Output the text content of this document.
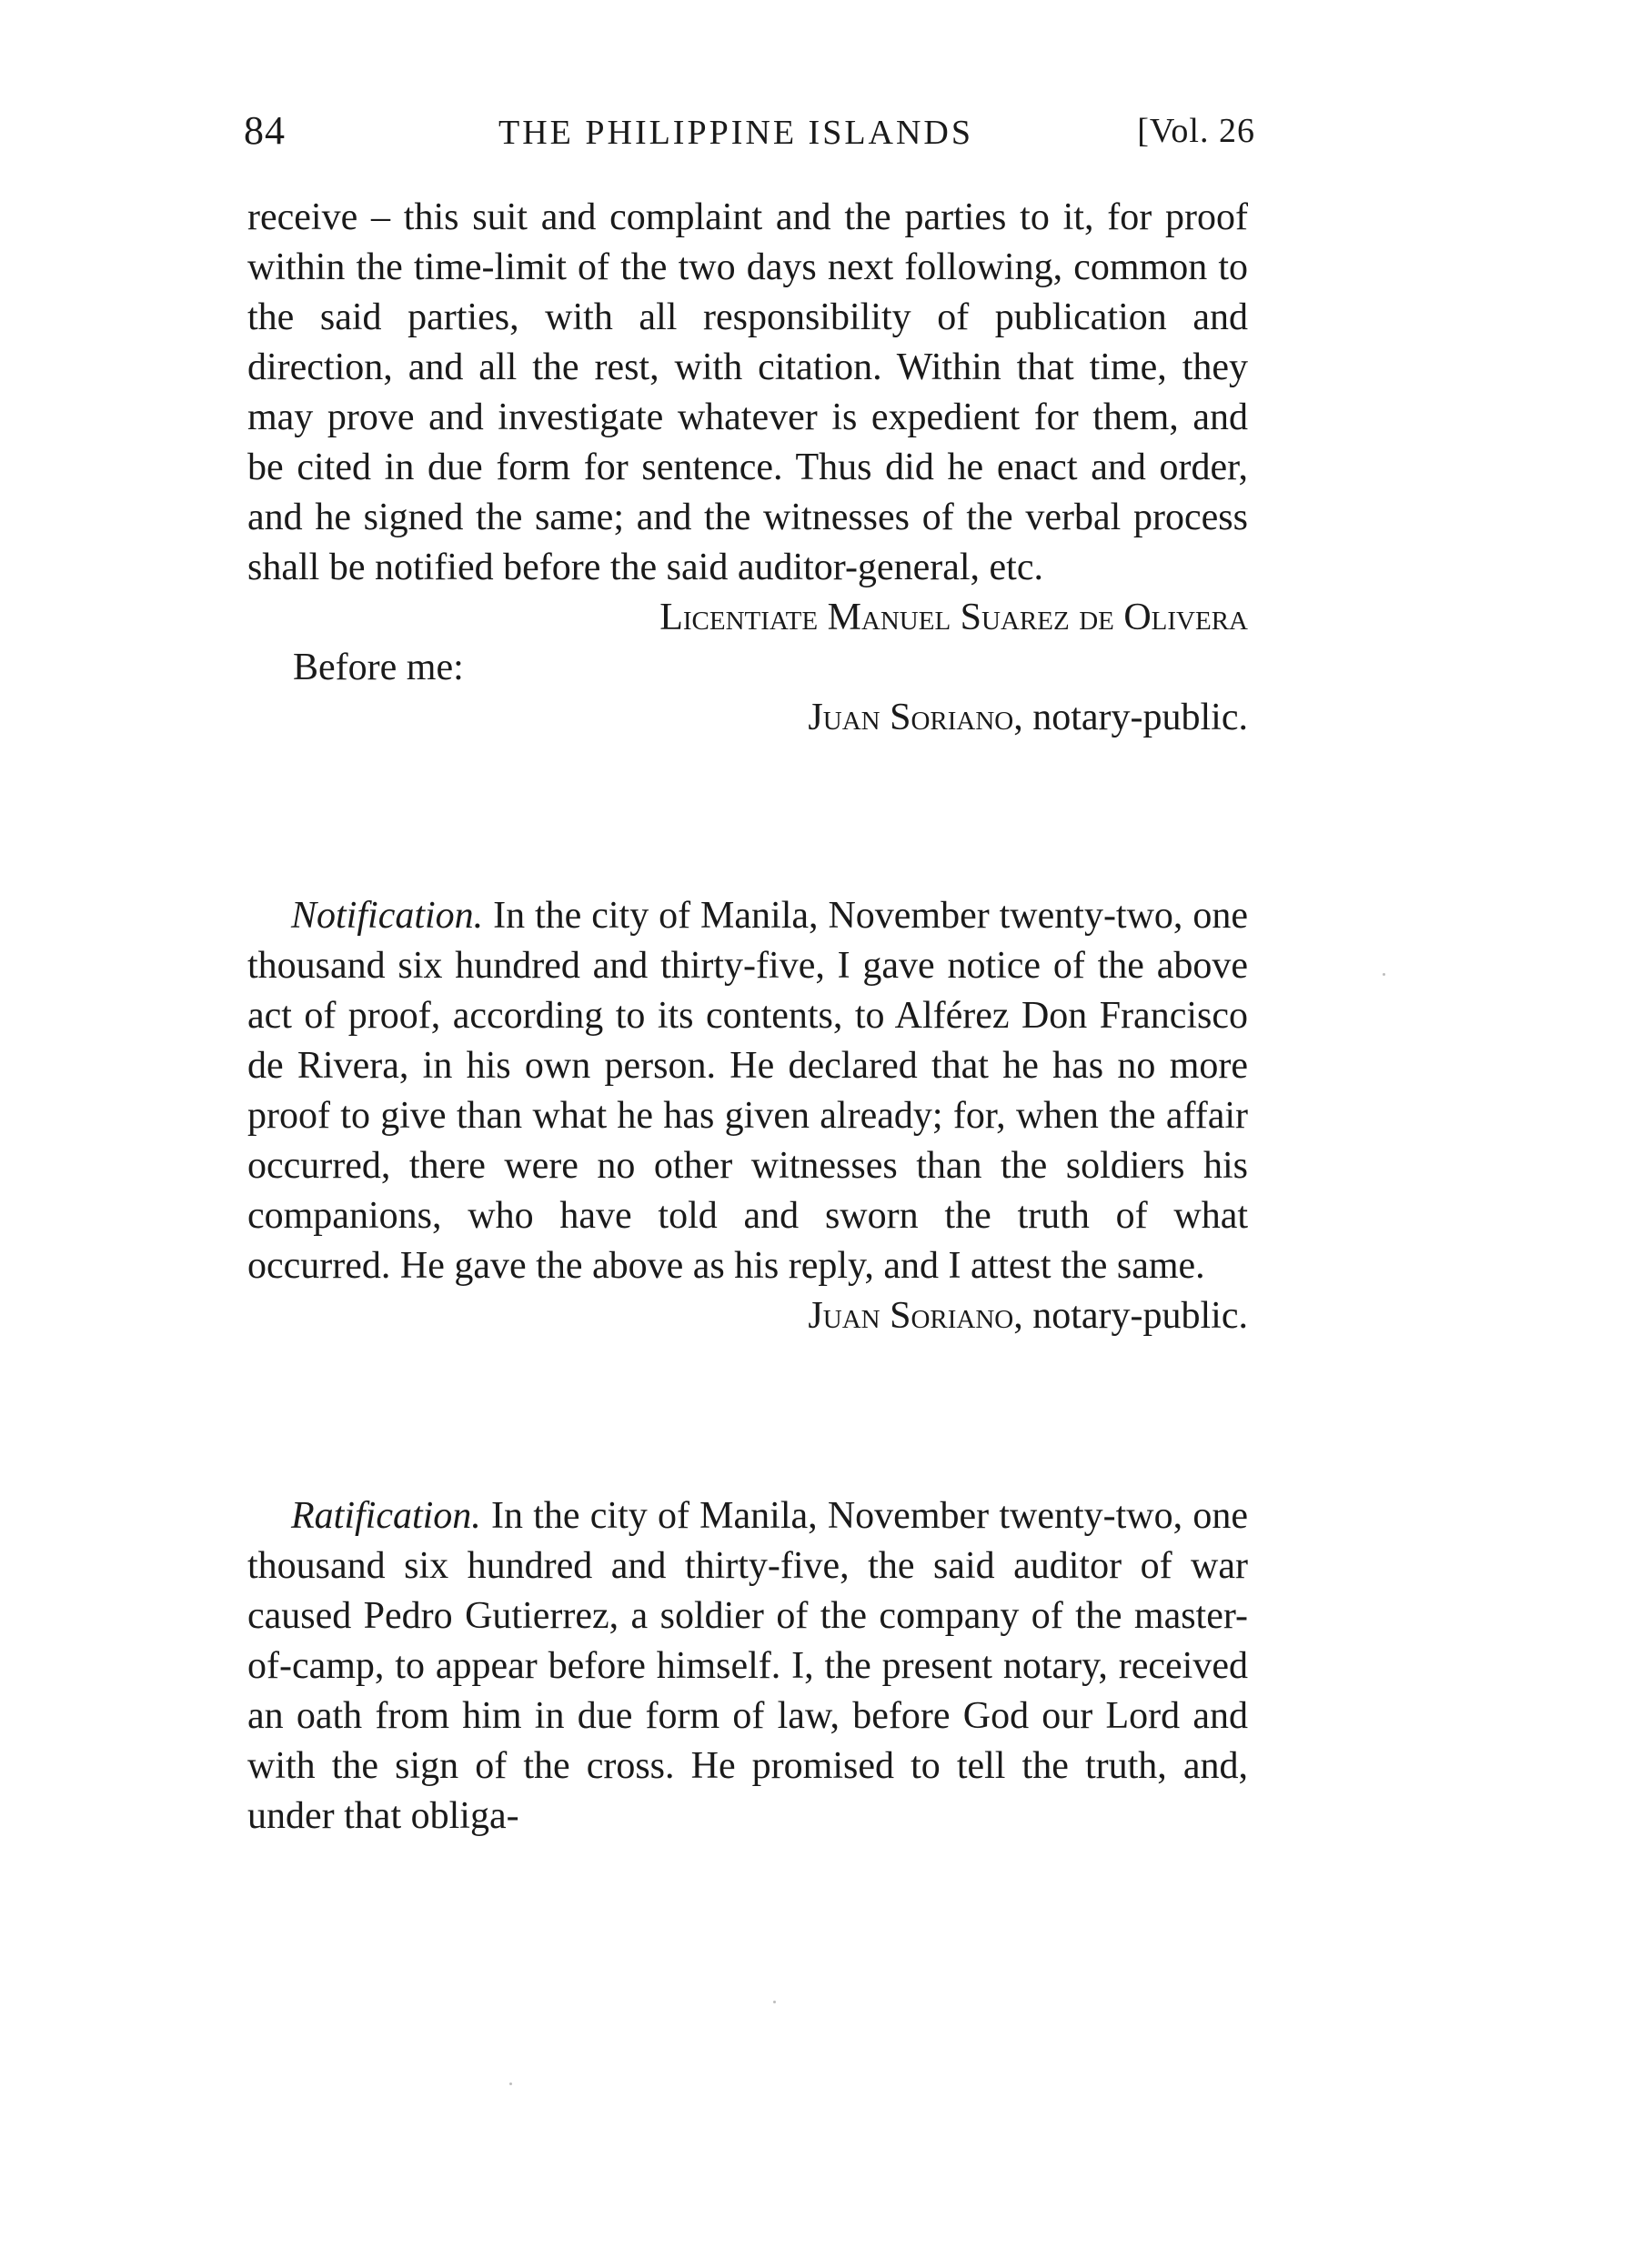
84	THE PHILIPPINE ISLANDS	[Vol. 26

receive – this suit and complaint and the parties to it, for proof within the time-limit of the two days next following, common to the said parties, with all responsibility of publication and direction, and all the rest, with citation. Within that time, they may prove and investigate whatever is expedient for them, and be cited in due form for sentence. Thus did he enact and order, and he signed the same; and the witnesses of the verbal process shall be notified before the said auditor-general, etc.

Licentiate Manuel Suarez de Olivera

Before me:

Juan Soriano, notary-public.

Notification. In the city of Manila, November twenty-two, one thousand six hundred and thirty-five, I gave notice of the above act of proof, according to its contents, to Alférez Don Francisco de Rivera, in his own person. He declared that he has no more proof to give than what he has given already; for, when the affair occurred, there were no other witnesses than the soldiers his companions, who have told and sworn the truth of what occurred. He gave the above as his reply, and I attest the same.

Juan Soriano, notary-public.

Ratification. In the city of Manila, November twenty-two, one thousand six hundred and thirty-five, the said auditor of war caused Pedro Gutierrez, a soldier of the company of the master-of-camp, to appear before himself. I, the present notary, received an oath from him in due form of law, before God our Lord and with the sign of the cross. He promised to tell the truth, and, under that obliga-
